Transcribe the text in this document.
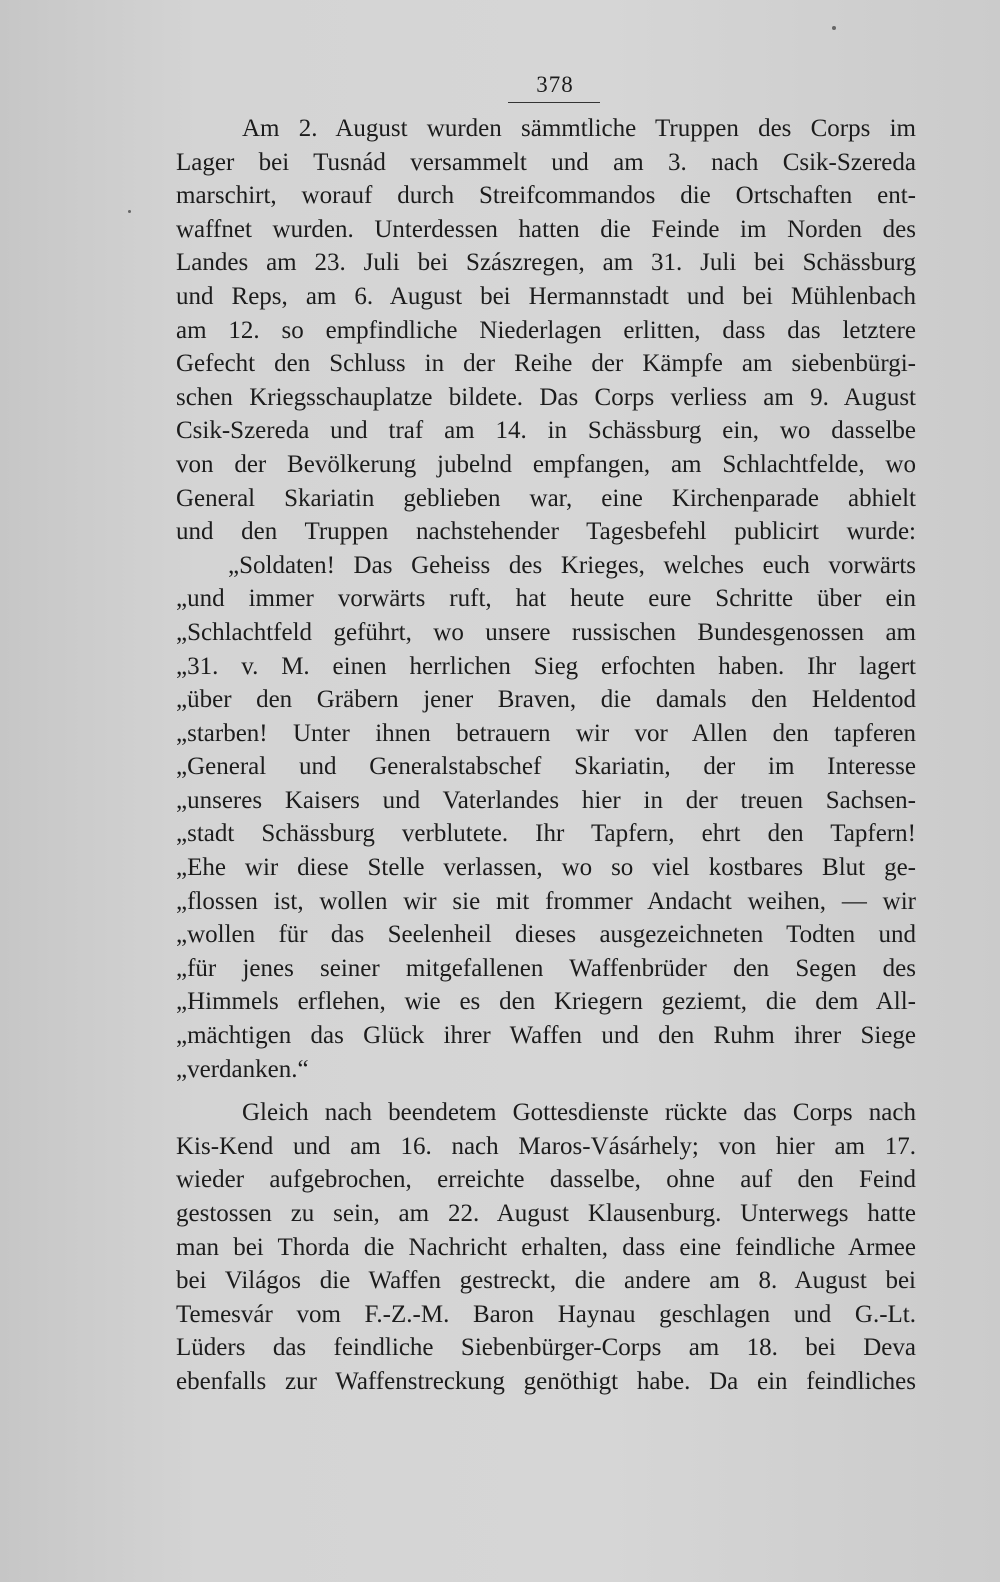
378
Am 2. August wurden sämmtliche Truppen des Corps im
Lager bei Tusnád versammelt und am 3. nach Csik-Szereda
marschirt, worauf durch Streifcommandos die Ortschaften ent-
waffnet wurden. Unterdessen hatten die Feinde im Norden des
Landes am 23. Juli bei Szászregen, am 31. Juli bei Schässburg
und Reps, am 6. August bei Hermannstadt und bei Mühlenbach
am 12. so empfindliche Niederlagen erlitten, dass das letztere
Gefecht den Schluss in der Reihe der Kämpfe am siebenbürgi-
schen Kriegsschauplatze bildete. Das Corps verliess am 9. August
Csik-Szereda und traf am 14. in Schässburg ein, wo dasselbe
von der Bevölkerung jubelnd empfangen, am Schlachtfelde, wo
General Skariatin geblieben war, eine Kirchenparade abhielt
und den Truppen nachstehender Tagesbefehl publicirt wurde:
„Soldaten! Das Geheiss des Krieges, welches euch vorwärts
„und immer vorwärts ruft, hat heute eure Schritte über ein
„Schlachtfeld geführt, wo unsere russischen Bundesgenossen am
„31. v. M. einen herrlichen Sieg erfochten haben. Ihr lagert
„über den Gräbern jener Braven, die damals den Heldentod
„starben! Unter ihnen betrauern wir vor Allen den tapferen
„General und Generalstabschef Skariatin, der im Interesse
„unseres Kaisers und Vaterlandes hier in der treuen Sachsen-
„stadt Schässburg verblutete. Ihr Tapfern, ehrt den Tapfern!
„Ehe wir diese Stelle verlassen, wo so viel kostbares Blut ge-
„flossen ist, wollen wir sie mit frommer Andacht weihen, — wir
„wollen für das Seelenheil dieses ausgezeichneten Todten und
„für jenes seiner mitgefallenen Waffenbrüder den Segen des
„Himmels erflehen, wie es den Kriegern geziemt, die dem All-
„mächtigen das Glück ihrer Waffen und den Ruhm ihrer Siege
„verdanken.“
Gleich nach beendetem Gottesdienste rückte das Corps nach
Kis-Kend und am 16. nach Maros-Vásárhely; von hier am 17.
wieder aufgebrochen, erreichte dasselbe, ohne auf den Feind
gestossen zu sein, am 22. August Klausenburg. Unterwegs hatte
man bei Thorda die Nachricht erhalten, dass eine feindliche Armee
bei Világos die Waffen gestreckt, die andere am 8. August bei
Temesvár vom F.-Z.-M. Baron Haynau geschlagen und G.-Lt.
Lüders das feindliche Siebenbürger-Corps am 18. bei Deva
ebenfalls zur Waffenstreckung genöthigt habe. Da ein feindliches
